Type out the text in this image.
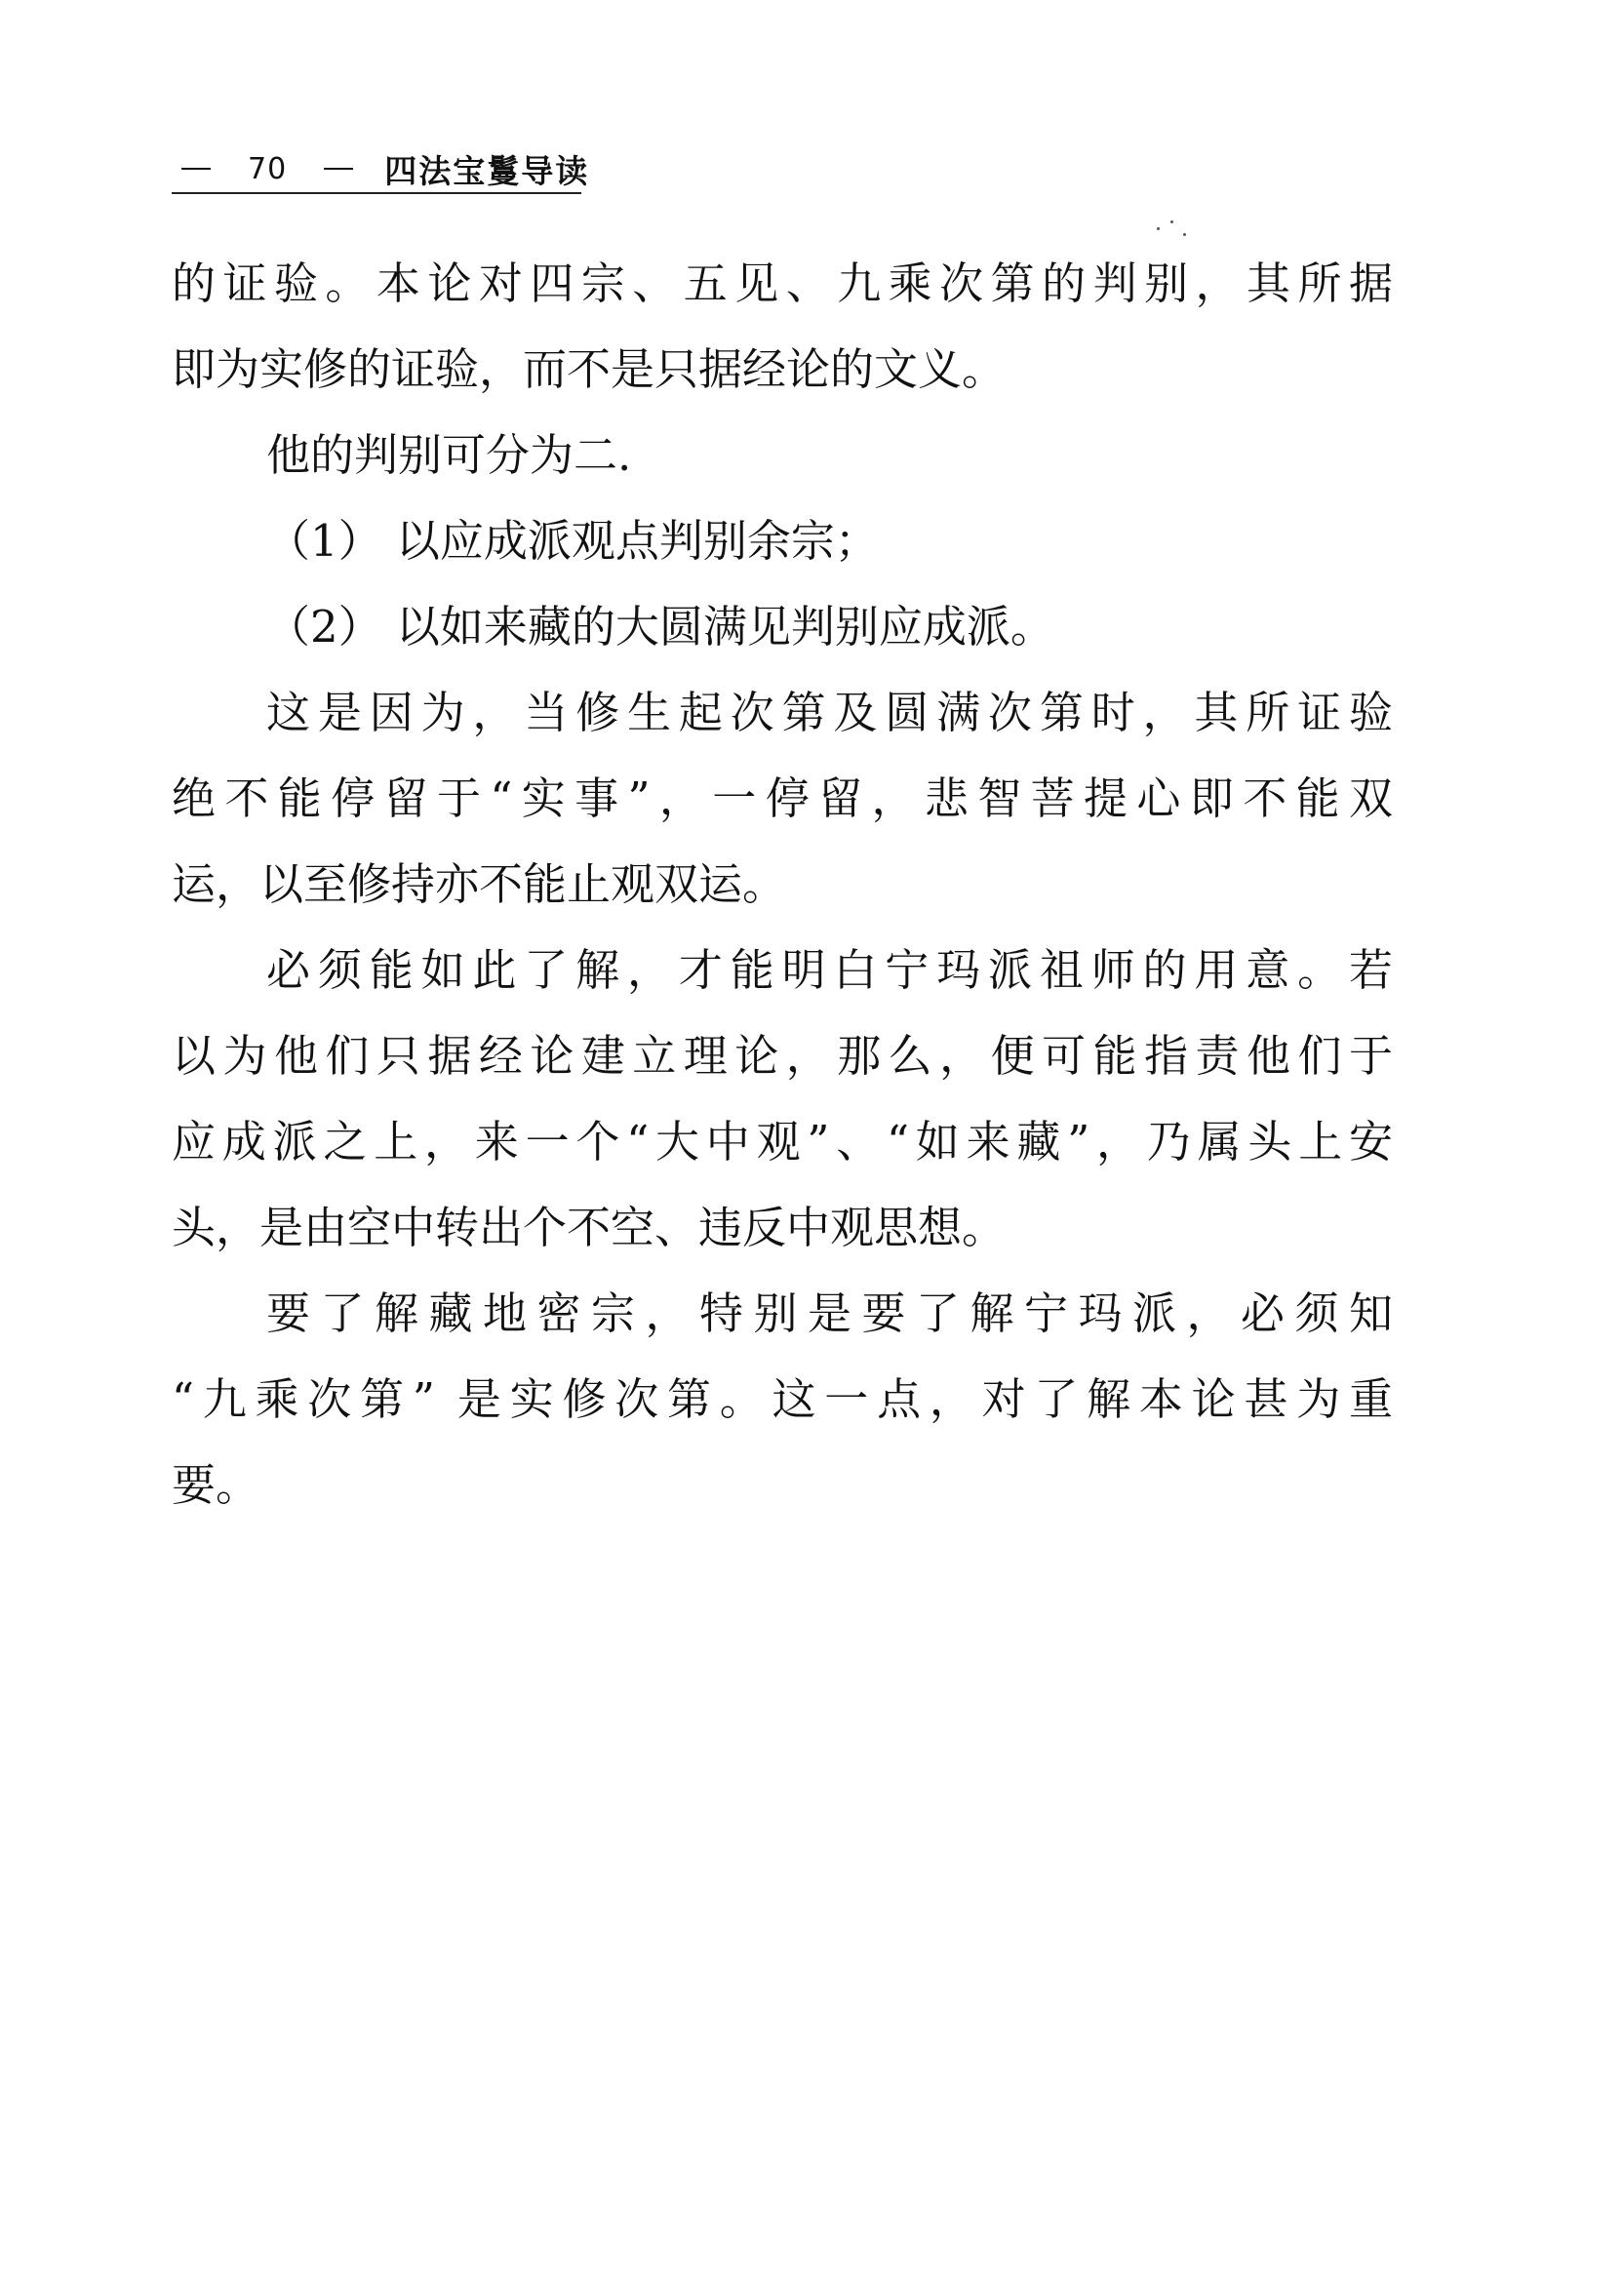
70	四法宝鬘导读
的证验。本论对四宗、五见、九乘次第的判别，其所据
即为实修的证验，而不是只据经论的文义。
他的判别可分为二.
（1） 以应成派观点判别余宗；
（2） 以如来藏的大圆满见判别应成派。
这是因为，当修生起次第及圆满次第时，其所证验
绝不能停留于“实事”，一停留，悲智菩提心即不能双
运，以至修持亦不能止观双运。
必须能如此了解，才能明白宁玛派祖师的用意。若
以为他们只据经论建立理论，那么，便可能指责他们于
应成派之上，来一个“大中观”、“如来藏”，乃属头上安
头，是由空中转出个不空、违反中观思想。
要了解藏地密宗，特别是要了解宁玛派，必须知
“九乘次第” 是实修次第。这一点，对了解本论甚为重
要。
